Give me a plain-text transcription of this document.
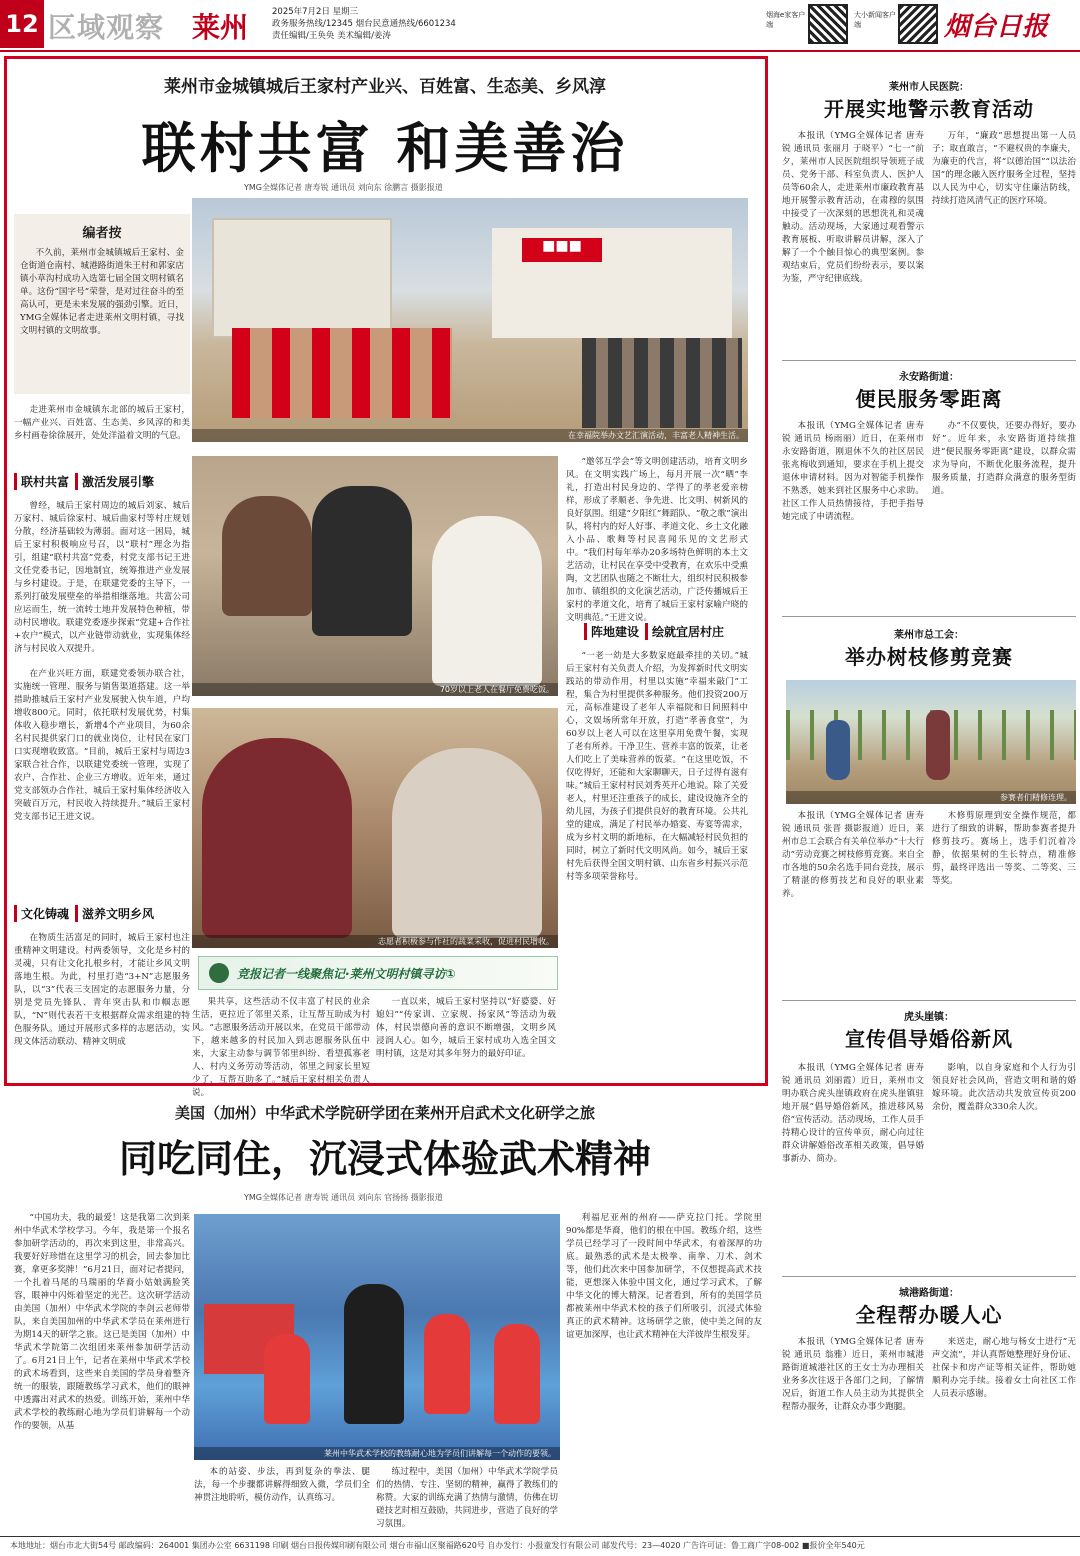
12 区域观察 莱州	2025年7月2日 星期三
政务服务热线/12345 烟台民意通热线/6601234
责任编辑/王奂奂 美术编辑/姜涛
烟海e家客户端
大小新闻客户端	烟台日报
莱州市金城镇城后王家村产业兴、百姓富、生态美、乡风淳
联村共富 和美善治
YMG全媒体记者 唐寿锐 通讯员 刘向东 徐鹏言 摄影报道
编者按
不久前，莱州市金城镇城后王家村、金仓街道仓南村、城港路街道朱王村和郭家店镇小草沟村成功入选第七届全国文明村镇名单。这份“国字号”荣誉，是对过往奋斗的至高认可，更是未来发展的强劲引擎。近日，YMG全媒体记者走进莱州文明村镇，寻找文明村镇的文明故事。
走进莱州市金城镇东北部的城后王家村，一幅产业兴、百姓富、生态美、乡风淳的和美乡村画卷徐徐展开，处处洋溢着文明的气息。
联村共富	激活发展引擎
曾经，城后王家村周边的城后刘家、城后万家村、城后徐家村、城后曲家村等村庄规划分散，经济基础较为薄弱。面对这一困局，城后王家村积极响应号召，以“联村”理念为指引，组建“联村共富”党委，村党支部书记王进文任党委书记，因地制宜，统筹推进产业发展与乡村建设。于是，在联建党委的主导下，一系列打破发展壁垒的举措相继落地。共富公司应运而生，统一流转土地并发展特色种植，带动村民增收。联建党委逐步探索“党建+合作社+农户”模式，以产业链带动就业，实现集体经济与村民收入双提升。
在产业兴旺方面，联建党委领办联合社，实施统一管理、服务与销售渠道搭建。这一举措助推城后王家村产业发展驶入快车道，户均增收800元。同时，依托联村发展优势，村集体收入稳步增长，新增4个产业项目，为60余名村民提供家门口的就业岗位，让村民在家门口实现增收致富。“目前，城后王家村与周边3家联合社合作，以联建党委统一管理，实现了农户、合作社、企业三方增收。近年来，通过党支部领办合作社，城后王家村集体经济收入突破百万元，村民收入持续提升。”城后王家村党支部书记王进文说。
文化铸魂	滋养文明乡风
在物质生活富足的同时，城后王家村也注重精神文明建设。村两委领导，文化是乡村的灵魂，只有让文化扎根乡村，才能让乡风文明落地生根。为此，村里打造“3+N”志愿服务队，以“3”代表三支固定的志愿服务力量，分别是党员先锋队、青年突击队和巾帼志愿队，“N”则代表若干支根据群众需求组建的特色服务队。通过开展形式多样的志愿活动，实现文体活动联动、精神文明成
■■■
在幸福院举办文艺汇演活动，丰富老人精神生活。
70岁以上老人在餐厅免费吃饭。
志愿者积极参与作社的蔬菜采收，促进村民增收。
“邀邻互学会”等文明创建活动，培育文明乡风。在文明实践广场上，每月开展一次“晒”李礼，打造出村民身边的、学得了的孝老爱亲榜样，形成了孝顺老、争先进、比文明、树新风的良好氛围。组建“夕阳红”舞蹈队、“敬之歌”演出队，将村内的好人好事、孝道文化、乡土文化融入小品、歌舞等村民喜闻乐见的文艺形式中。“我们村每年举办20多场特色鲜明的本土文艺活动，让村民在享受中受教育，在欢乐中受熏陶，文艺团队也随之不断壮大，组织村民积极参加市、镇组织的文化演艺活动，广泛传播城后王家村的孝道文化，培育了城后王家村家喻户晓的文明典范。”王进文说。
阵地建设	绘就宜居村庄
“一老一幼是大多数家庭最牵挂的关切。”城后王家村有关负责人介绍，为发挥新时代文明实践站的带动作用，村里以实施“幸福来敲门”工程，集合为村里提供多种服务。他们投资200万元，高标准建设了老年人幸福院和日间照料中心，文娱场所常年开放，打造“孝善食堂”，为60岁以上老人可以在这里享用免费午餐，实现了老有所养。干净卫生、营养丰富的饭菜，让老人们吃上了美味营养的饭菜。“在这里吃饭，不仅吃得好，还能和大家聊聊天，日子过得有滋有味。”城后王家村村民刘秀英开心地说。除了关爱老人，村里还注重孩子的成长，建设设施齐全的幼儿园，为孩子们提供良好的教育环境。公共礼堂的建成，满足了村民举办婚宴、寿宴等需求，成为乡村文明的新地标，在大幅减轻村民负担的同时，树立了新时代文明风尚。如今，城后王家村先后获得全国文明村镇、山东省乡村振兴示范村等多项荣誉称号。
竞报记者一线聚焦记·莱州文明村镇寻访①
果共享，这些活动不仅丰富了村民的业余生活，更拉近了邻里关系，让互帮互助成为村风。“志愿服务活动开展以来，在党员干部带动下，越来越多的村民加入到志愿服务队伍中来，大家主动参与调节邻里纠纷、看望孤寡老人、村内义务劳动等活动，邻里之间家长里短少了，互帮互助多了。”城后王家村相关负责人说。
一直以来，城后王家村坚持以“好婆婆、好媳妇”“传家训、立家规、扬家风”等活动为载体，村民崇德向善的意识不断增强，文明乡风浸润人心。如今，城后王家村成功入选全国文明村镇，这是对其多年努力的最好印证。
美国（加州）中华武术学院研学团在莱州开启武术文化研学之旅
同吃同住，沉浸式体验武术精神
YMG全媒体记者 唐寿锐 通讯员 刘向东 官扬扬 摄影报道
“中国功夫，我的最爱！这是我第二次到莱州中华武术学校学习。今年，我是第一个报名参加研学活动的，再次来到这里，非常高兴。我要好好珍惜在这里学习的机会，回去参加比赛，拿更多奖牌！”6月21日，面对记者提问，一个扎着马尾的马瑞丽的华裔小姑娘满脸笑容，眼神中闪烁着坚定的光芒。这次研学活动由美国（加州）中华武术学院的李剑云老师带队，来自美国加州的中华武术学员在莱州进行为期14天的研学之旅。这已是美国（加州）中华武术学院第二次组团来莱州参加研学活动了。6月21日上午，记者在莱州中华武术学校的武术场看到，这些来自美国的学员身着整齐统一的服装，跟随教练学习武术，他们的眼神中透露出对武术的热爱。训练开始，莱州中华武术学校的教练耐心地为学员们讲解每一个动作的要领，从基
莱州中华武术学校的教练耐心地为学员们讲解每一个动作的要领。
本的站姿、步法，再到复杂的拳法、腿法，每一个步骤都讲解得细致入微，学员们全神贯注地聆听，模仿动作，认真练习。
练过程中，美国（加州）中华武术学院学员们的热情、专注、坚韧的精神，赢得了教练们的称赞。大家的训练充满了热情与激情，仿佛在切磋技艺时相互鼓励，共同进步，营造了良好的学习氛围。
利福尼亚州的州府——萨克拉门托。学院里90%都是华裔，他们的根在中国。教练介绍，这些学员已经学习了一段时间中华武术，有着深厚的功底。最熟悉的武术是太极拳、南拳、刀术、剑术等，他们此次来中国参加研学，不仅想提高武术技能，更想深入体验中国文化，通过学习武术，了解中华文化的博大精深。记者看到，所有的美国学员都被莱州中华武术校的孩子们所吸引，沉浸式体验真正的武术精神。这场研学之旅，使中美之间的友谊更加深厚，也让武术精神在大洋彼岸生根发芽。
莱州市人民医院：
开展实地警示教育活动
本报讯（YMG全媒体记者 唐寿锐 通讯员 张丽月 于晓平）“七一”前夕，莱州市人民医院组织导领班子成员、党务干部、科室负责人、医护人员等60余人，走进莱州市廉政教育基地开展警示教育活动，在肃穆的氛围中接受了一次深刻的思想洗礼和灵魂触动。活动现场，大家通过观看警示教育展板、听取讲解员讲解，深入了解了一个个触目惊心的典型案例。参观结束后，党员们纷纷表示，要以案为鉴，严守纪律底线。
万年，“廉政”思想提出第一人员子；取直敢言，“不避权贵的李廉夫，为廉吏的代言，将“以德治国”“以法治国”的理念融入医疗服务全过程，坚持以人民为中心，切实守住廉洁防线，持续打造风清气正的医疗环境。
永安路街道：
便民服务零距离
本报讯（YMG全媒体记者 唐寿锐 通讯员 杨雨丽）近日，在莱州市永安路街道，刚退休不久的社区居民张兆梅收到通知，要求在手机上提交退休申请材料。因为对智能手机操作不熟悉，她来到社区服务中心求助。社区工作人员热情接待，手把手指导她完成了申请流程。
办“不仅要快，还要办得好，要办好”。近年来，永安路街道持续推进“便民服务零距离”建设，以群众需求为导向，不断优化服务流程，提升服务质量，打造群众满意的服务型街道。
莱州市总工会：
举办树枝修剪竞赛
参赛者们精修连理。
本报讯（YMG全媒体记者 唐寿锐 通讯员 张晋 摄影报道）近日，莱州市总工会联合有关单位举办“十大行动”劳动竞赛之树枝修剪竞赛。来自全市各地的50余名选手同台竞技，展示了精湛的修剪技艺和良好的职业素养。
木修剪原理到安全操作规范，都进行了细致的讲解，帮助参赛者提升修剪技巧。赛场上，选手们沉着冷静，依据果树的生长特点，精准修剪，最终评选出一等奖、二等奖、三等奖。
虎头崖镇：
宣传倡导婚俗新风
本报讯（YMG全媒体记者 唐寿锐 通讯员 刘丽霞）近日，莱州市文明办联合虎头崖镇政府在虎头崖镇驻地开展“倡导婚俗新风，推进移风易俗”宣传活动。活动现场，工作人员手持精心设计的宣传单页，耐心向过往群众讲解婚俗改革相关政策，倡导婚事新办、简办。
影响，以自身家庭和个人行为引领良好社会风尚，营造文明和谐的婚嫁环境。此次活动共发放宣传页200余份，覆盖群众330余人次。
城港路街道：
全程帮办暖人心
本报讯（YMG全媒体记者 唐寿锐 通讯员 翁雅）近日，莱州市城港路街道城港社区的王女士为办理相关业务多次往返于各部门之间，了解情况后，街道工作人员主动为其提供全程帮办服务，让群众办事少跑腿。
来送走，耐心地与杨女士进行“无声交流”，并认真帮她整理好身份证、社保卡和房产证等相关证件，帮助她顺利办完手续。接着女士向社区工作人员表示感谢。
本地地址：烟台市北大街54号 邮政编码：264001 集团办公室 6631198 印刷 烟台日报传媒印刷有限公司 烟台市福山区聚福路620号 自办发行：小报童发行有限公司 邮发代号：23—4020 广告许可证：鲁工商广字08-002 ■报价全年540元
